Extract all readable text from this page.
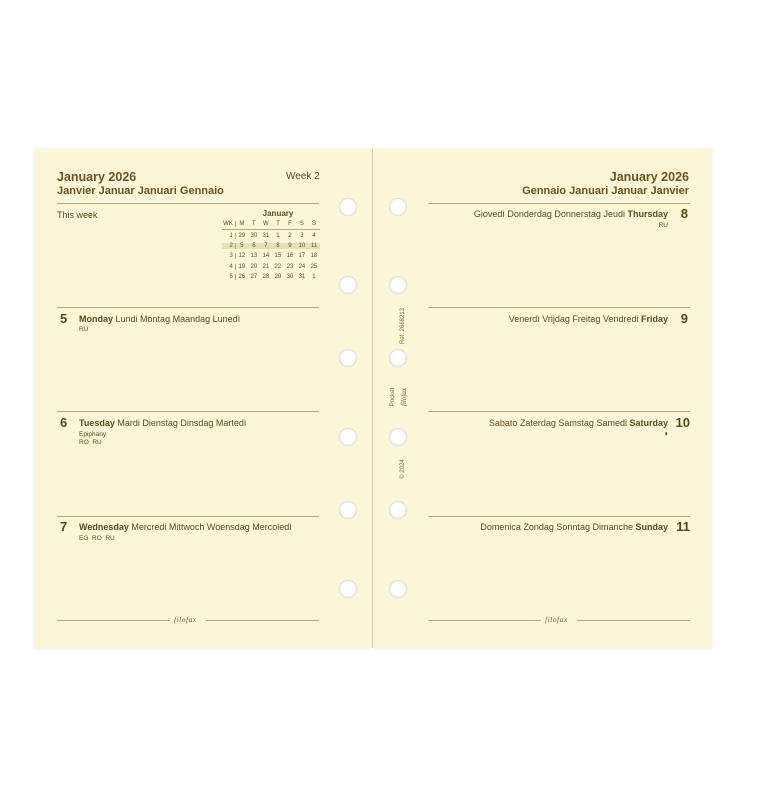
January 2026
Janvier Januar Januari Gennaio
Week 2
This week	January
WK	M	T	W	T	F	S	S
1 29 30 31	1	2	3	4
2	5	6	7	8	9	10 11
3 12 13 14 15 16 17 18
4 19 20 21 22 23 24 25
5 26 27 28 29 30 31	1
5 Monday Lundi Montag Maandag Lunedì
RU
6 Tuesday Mardi Dienstag Dinsdag Martedì
Epiphany
RO  RU
7 Wednesday Mercredi Mittwoch Woensdag Mercoledì
EG  RO  RU
filofax
Ref. 2668213
Pocket filofax
© 2024
January 2026
Gennaio Januari Januar Janvier
8
Giovedì Donderdag Donnerstag Jeudi Thursday
RU
9
Venerdì Vrijdag Freitag Vendredi Friday
10
Sabato Zaterdag Samstag Samedi Saturday
◑
11
Domenica Zondag Sonntag Dimanche Sunday
filofax
